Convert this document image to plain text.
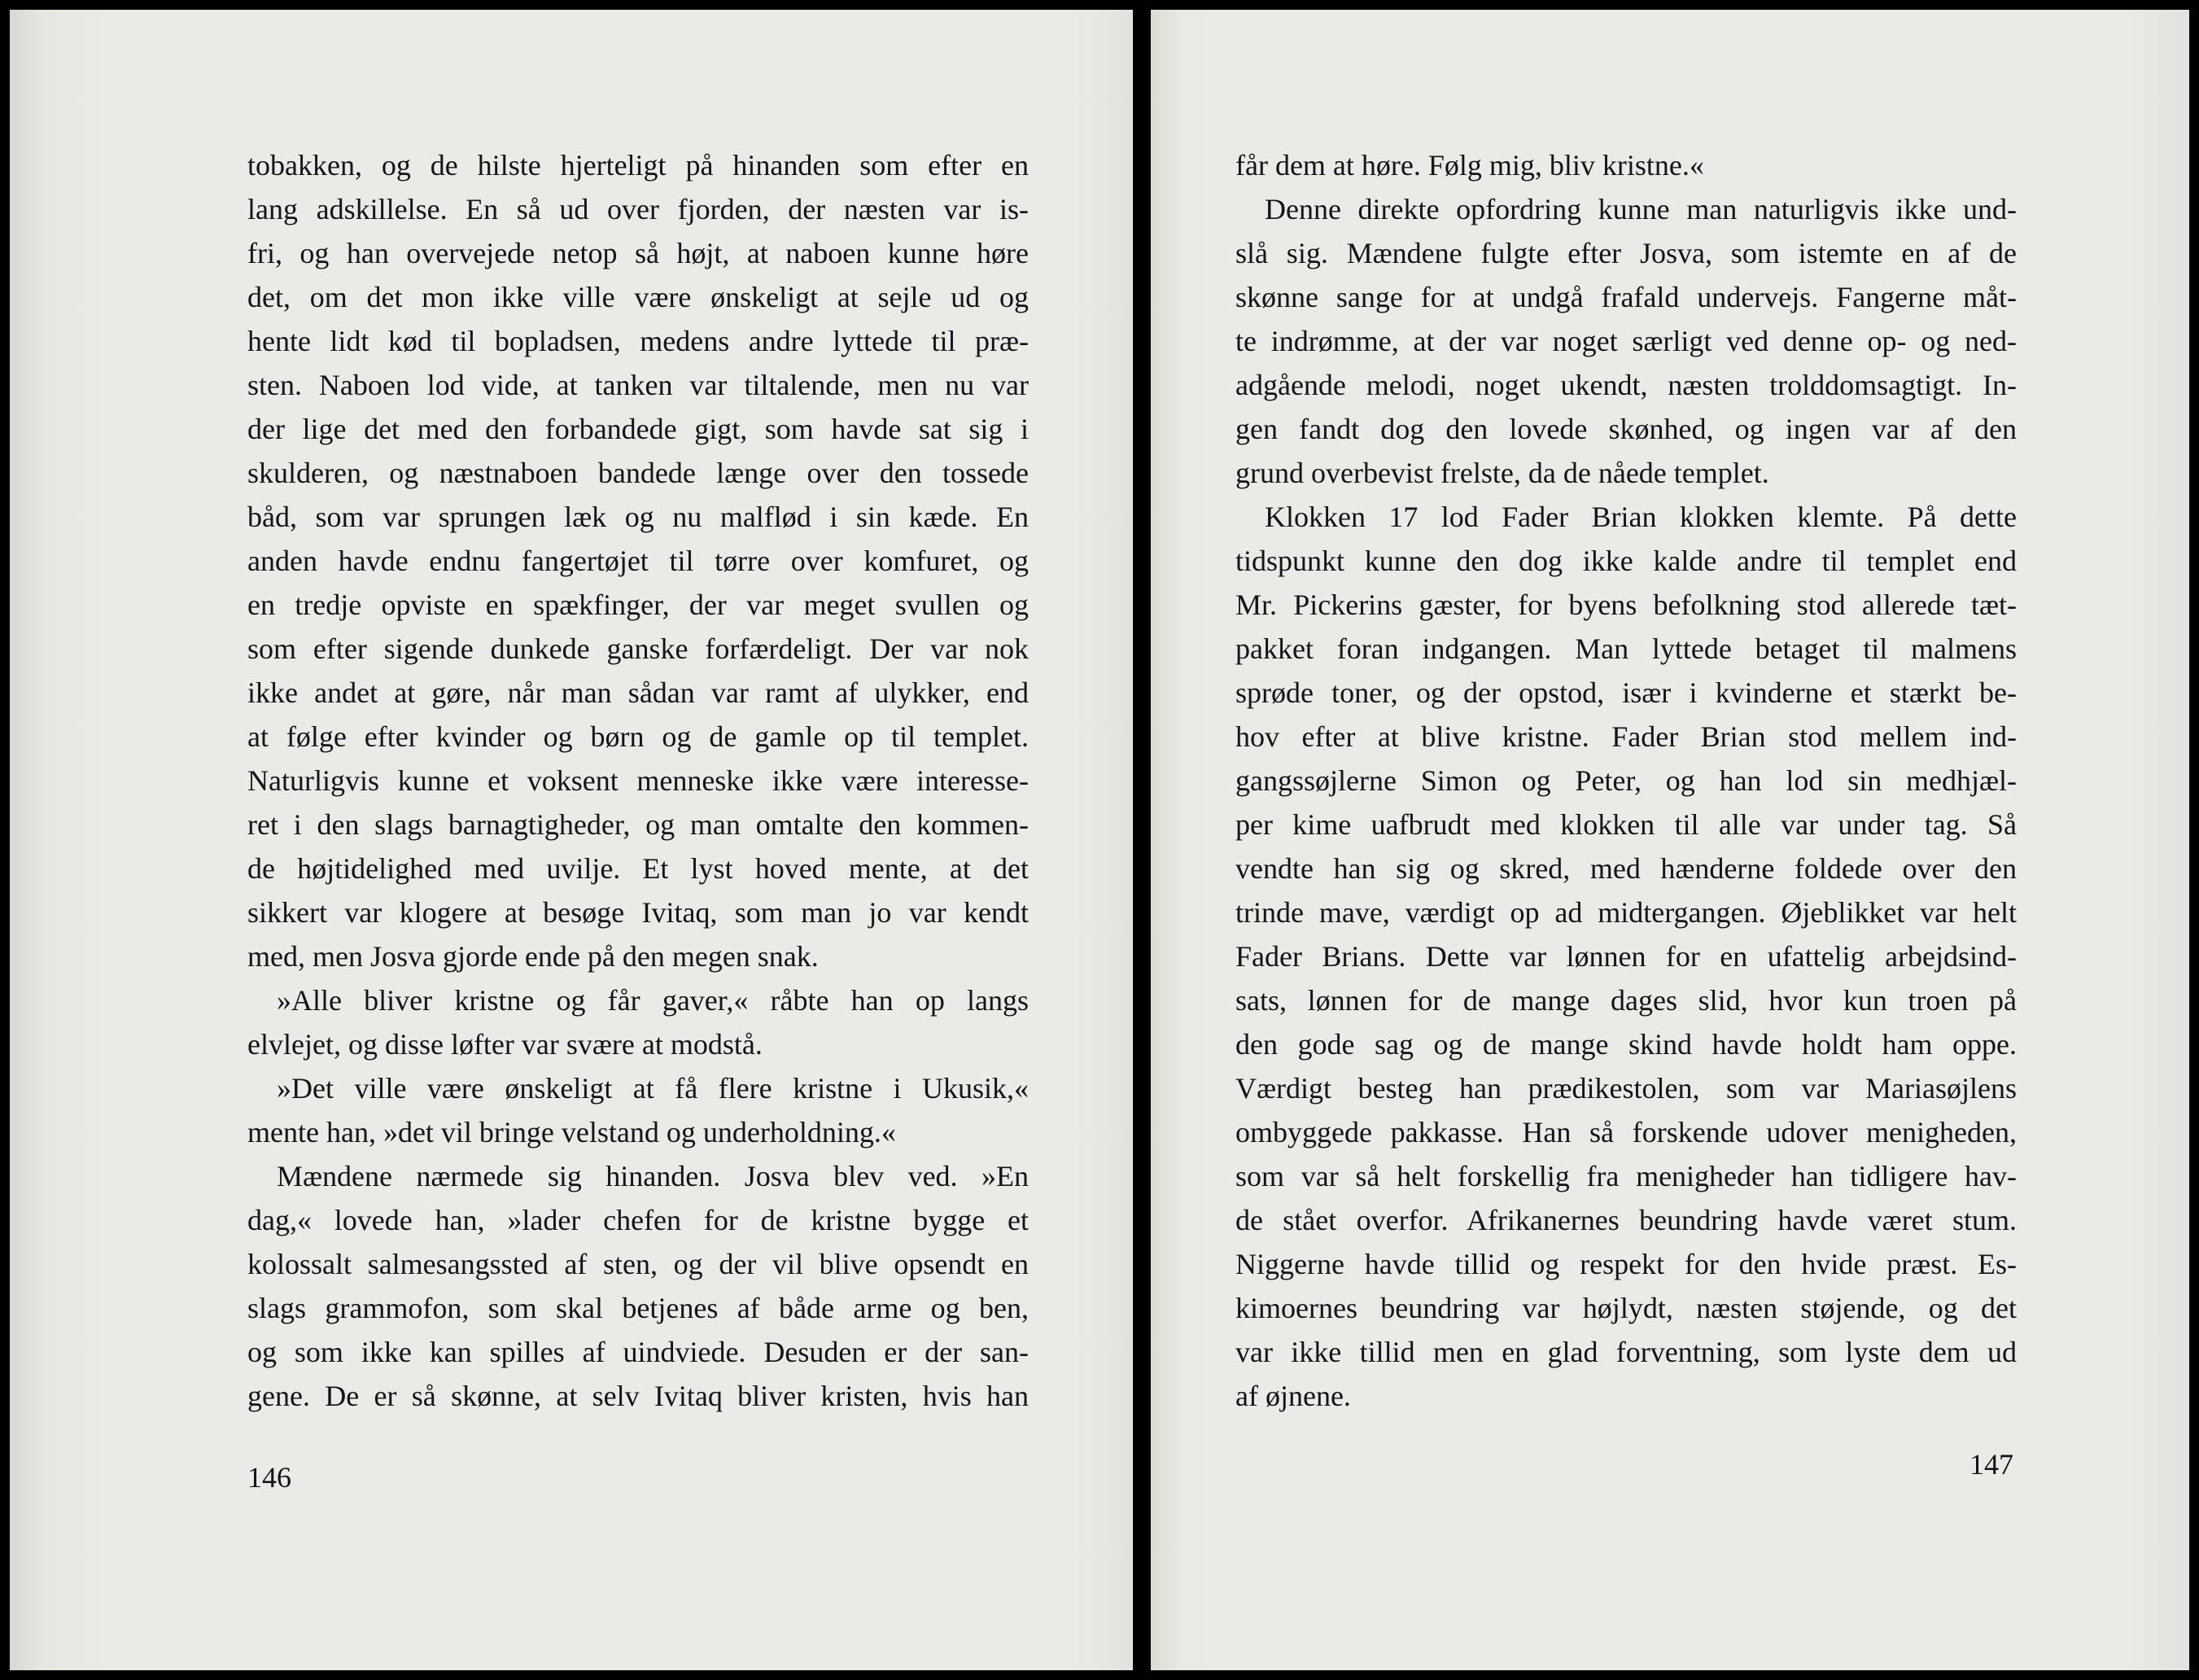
tobakken, og de hilste hjerteligt på hinanden som efter en
lang adskillelse. En så ud over fjorden, der næsten var is-
fri, og han overvejede netop så højt, at naboen kunne høre
det, om det mon ikke ville være ønskeligt at sejle ud og
hente lidt kød til bopladsen, medens andre lyttede til præ-
sten. Naboen lod vide, at tanken var tiltalende, men nu var
der lige det med den forbandede gigt, som havde sat sig i
skulderen, og næstnaboen bandede længe over den tossede
båd, som var sprungen læk og nu malflød i sin kæde. En
anden havde endnu fangertøjet til tørre over komfuret, og
en tredje opviste en spækfinger, der var meget svullen og
som efter sigende dunkede ganske forfærdeligt. Der var nok
ikke andet at gøre, når man sådan var ramt af ulykker, end
at følge efter kvinder og børn og de gamle op til templet.
Naturligvis kunne et voksent menneske ikke være interesse-
ret i den slags barnagtigheder, og man omtalte den kommen-
de højtidelighed med uvilje. Et lyst hoved mente, at det
sikkert var klogere at besøge Ivitaq, som man jo var kendt
med, men Josva gjorde ende på den megen snak.
»Alle bliver kristne og får gaver,« råbte han op langs
elvlejet, og disse løfter var svære at modstå.
»Det ville være ønskeligt at få flere kristne i Ukusik,«
mente han, »det vil bringe velstand og underholdning.«
Mændene nærmede sig hinanden. Josva blev ved. »En
dag,« lovede han, »lader chefen for de kristne bygge et
kolossalt salmesangssted af sten, og der vil blive opsendt en
slags grammofon, som skal betjenes af både arme og ben,
og som ikke kan spilles af uindviede. Desuden er der san-
gene. De er så skønne, at selv Ivitaq bliver kristen, hvis han
146
får dem at høre. Følg mig, bliv kristne.«
Denne direkte opfordring kunne man naturligvis ikke und-
slå sig. Mændene fulgte efter Josva, som istemte en af de
skønne sange for at undgå frafald undervejs. Fangerne måt-
te indrømme, at der var noget særligt ved denne op- og ned-
adgående melodi, noget ukendt, næsten trolddomsagtigt. In-
gen fandt dog den lovede skønhed, og ingen var af den
grund overbevist frelste, da de nåede templet.
Klokken 17 lod Fader Brian klokken klemte. På dette
tidspunkt kunne den dog ikke kalde andre til templet end
Mr. Pickerins gæster, for byens befolkning stod allerede tæt-
pakket foran indgangen. Man lyttede betaget til malmens
sprøde toner, og der opstod, især i kvinderne et stærkt be-
hov efter at blive kristne. Fader Brian stod mellem ind-
gangssøjlerne Simon og Peter, og han lod sin medhjæl-
per kime uafbrudt med klokken til alle var under tag. Så
vendte han sig og skred, med hænderne foldede over den
trinde mave, værdigt op ad midtergangen. Øjeblikket var helt
Fader Brians. Dette var lønnen for en ufattelig arbejdsind-
sats, lønnen for de mange dages slid, hvor kun troen på
den gode sag og de mange skind havde holdt ham oppe.
Værdigt besteg han prædikestolen, som var Mariasøjlens
ombyggede pakkasse. Han så forskende udover menigheden,
som var så helt forskellig fra menigheder han tidligere hav-
de stået overfor. Afrikanernes beundring havde været stum.
Niggerne havde tillid og respekt for den hvide præst. Es-
kimoernes beundring var højlydt, næsten støjende, og det
var ikke tillid men en glad forventning, som lyste dem ud
af øjnene.
147
